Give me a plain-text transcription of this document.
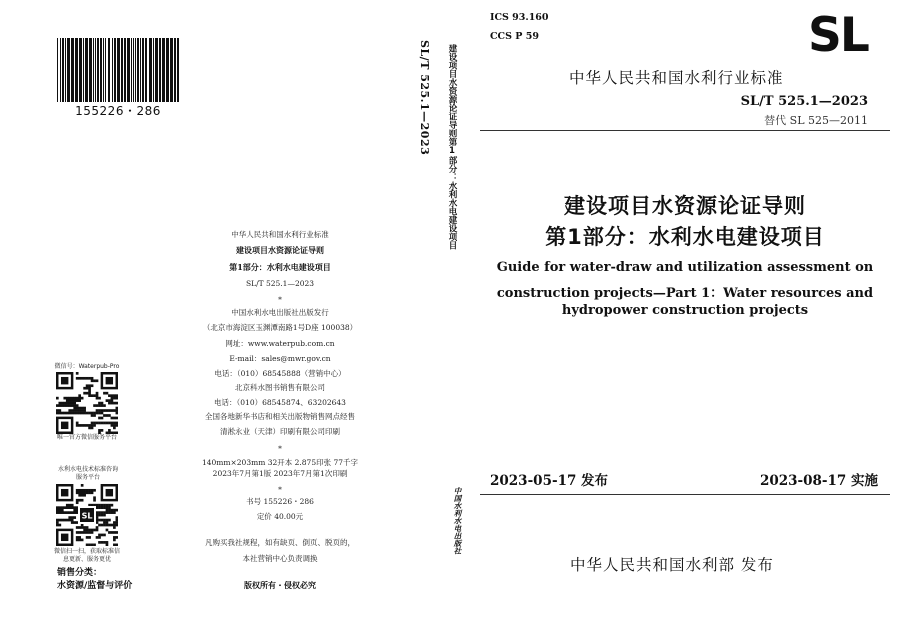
155226・286
中华人民共和国水利行业标准
建设项目水资源论证导则
第1部分：水利水电建设项目
SL/T 525.1—2023
*
中国水利水电出版社出版发行
（北京市海淀区玉渊潭南路1号D座 100038）
网址：www.waterpub.com.cn
E-mail：sales@mwr.gov.cn
电话：（010）68545888（营销中心）
北京科水图书销售有限公司
电话：（010）68545874、63202643
全国各地新华书店和相关出版物销售网点经售
清淞永业（天津）印刷有限公司印刷
*
140mm×203mm 32开本 2.875印张 77千字
2023年7月第1版 2023年7月第1次印刷
*
书号 155226・286
定价 40.00元
微信号：Waterpub-Pro
唯一官方微信服务平台
水利水电技术标准咨询服务平台
SL
微信扫一扫，获取标准信息更新、服务更优
销售分类：
水资源/监督与评价
凡购买我社规程，如有缺页、倒页、脱页的，
本社营销中心负责调换
版权所有・侵权必究
SL/T 525.1—2023 建设项目水资源论证导则第1部分：水利水电建设项目
中国水利水电出版社
ICS 93.160
CCS P 59	SL
中华人民共和国水利行业标准
SL/T 525.1—2023
替代 SL 525—2011
建设项目水资源论证导则
第1部分：水利水电建设项目
Guide for water-draw and utilization assessment on
construction projects—Part 1：Water resources and
hydropower construction projects
2023-05-17 发布	2023-08-17 实施
中华人民共和国水利部 发布
